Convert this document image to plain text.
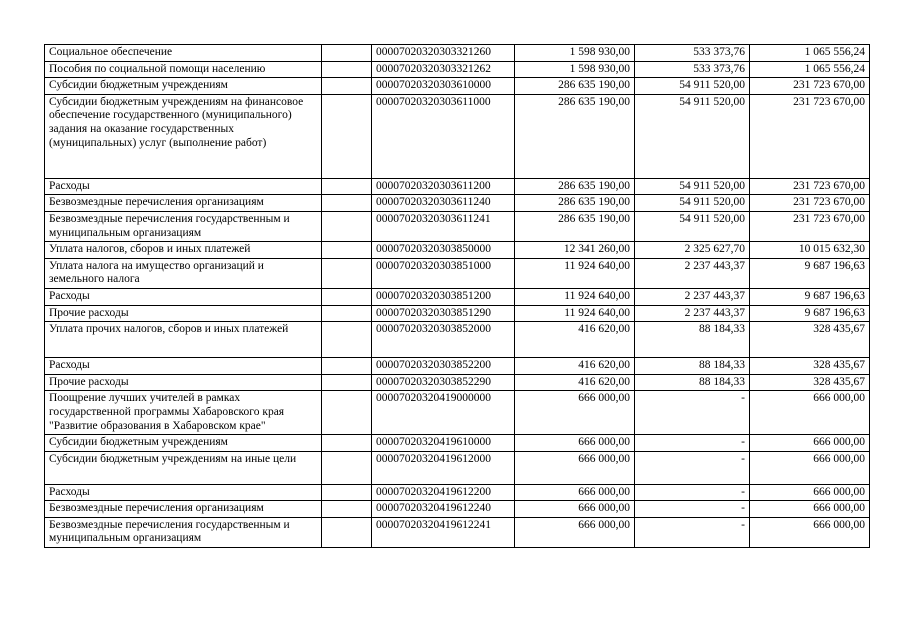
Социальное обеспечение		00007020320303321260	1 598 930,00	533 373,76	1 065 556,24
Пособия по социальной помощи населению		00007020320303321262	1 598 930,00	533 373,76	1 065 556,24
Субсидии бюджетным учреждениям		00007020320303610000	286 635 190,00	54 911 520,00	231 723 670,00
Субсидии бюджетным учреждениям на финансовое обеспечение государственного (муниципального) задания на оказание государственных (муниципальных) услуг (выполнение работ)		00007020320303611000	286 635 190,00	54 911 520,00	231 723 670,00
Расходы		00007020320303611200	286 635 190,00	54 911 520,00	231 723 670,00
Безвозмездные перечисления организациям		00007020320303611240	286 635 190,00	54 911 520,00	231 723 670,00
Безвозмездные перечисления государственным и муниципальным организациям		00007020320303611241	286 635 190,00	54 911 520,00	231 723 670,00
Уплата налогов, сборов и иных платежей		00007020320303850000	12 341 260,00	2 325 627,70	10 015 632,30
Уплата налога на имущество организаций и земельного налога		00007020320303851000	11 924 640,00	2 237 443,37	9 687 196,63
Расходы		00007020320303851200	11 924 640,00	2 237 443,37	9 687 196,63
Прочие расходы		00007020320303851290	11 924 640,00	2 237 443,37	9 687 196,63
Уплата прочих налогов, сборов и иных платежей		00007020320303852000	416 620,00	88 184,33	328 435,67
Расходы		00007020320303852200	416 620,00	88 184,33	328 435,67
Прочие расходы		00007020320303852290	416 620,00	88 184,33	328 435,67
Поощрение лучших учителей в рамках государственной программы Хабаровского края "Развитие образования в Хабаровском крае"		00007020320419000000	666 000,00	-	666 000,00
Субсидии бюджетным учреждениям		00007020320419610000	666 000,00	-	666 000,00
Субсидии бюджетным учреждениям на иные цели		00007020320419612000	666 000,00	-	666 000,00
Расходы		00007020320419612200	666 000,00	-	666 000,00
Безвозмездные перечисления организациям		00007020320419612240	666 000,00	-	666 000,00
Безвозмездные перечисления государственным и муниципальным организациям		00007020320419612241	666 000,00	-	666 000,00
